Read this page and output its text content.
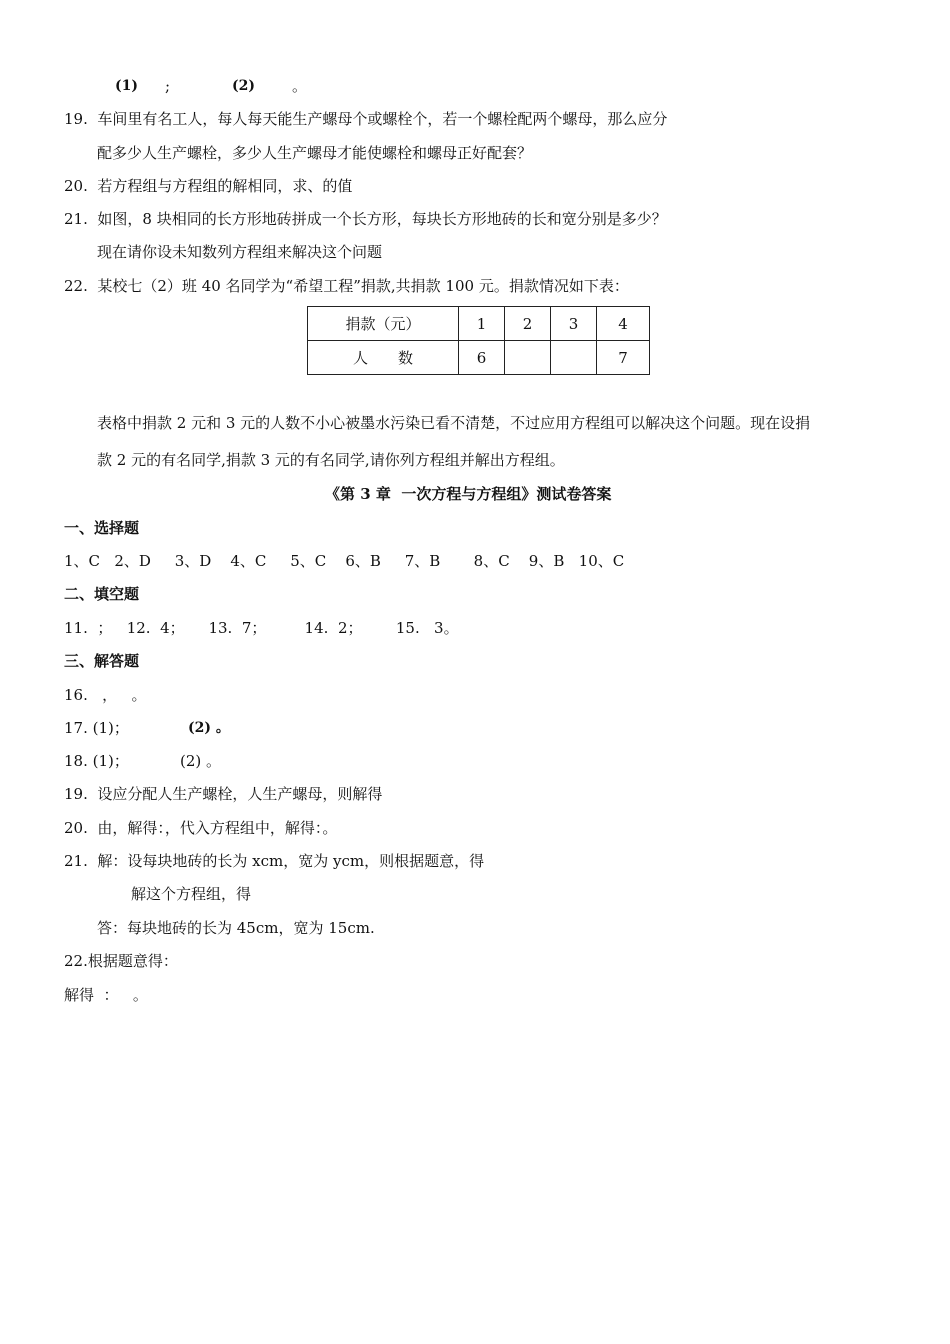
(1) ;	(2) 。
19.  车间里有名工人，每人每天能生产螺母个或螺栓个，若一个螺栓配两个螺母，那么应分
配多少人生产螺栓，多少人生产螺母才能使螺栓和螺母正好配套？
20.  若方程组与方程组的解相同，求、的值
21.  如图，8 块相同的长方形地砖拼成一个长方形，每块长方形地砖的长和宽分别是多少？
现在请你设未知数列方程组来解决这个问题
22.  某校七（2）班 40 名同学为“希望工程”捐款,共捐款 100 元。捐款情况如下表：
捐款（元）	1	2	3	4
人　　数	6			7
表格中捐款 2 元和 3 元的人数不小心被墨水污染已看不清楚，不过应用方程组可以解决这个问题。现在设捐
款 2 元的有名同学,捐款 3 元的有名同学,请你列方程组并解出方程组。
《第 3 章  一次方程与方程组》测试卷答案
一、选择题
1、C   2、D     3、D    4、C     5、C    6、B     7、B       8、C    9、B   10、C
二、填空题
11.  ；   12.  4；     13.  7；        14.  2；       15.   3。
三、解答题
16.   ，   。
17. (1)；	(2) 。
18. (1)；	(2) 。
19.  设应分配人生产螺栓，人生产螺母，则解得
20.  由，解得：，代入方程组中，解得：。
21.  解：设每块地砖的长为 xcm，宽为 ycm，则根据题意，得
解这个方程组，得
答：每块地砖的长为 45cm，宽为 15cm.
22.根据题意得：
解得  ：   。
